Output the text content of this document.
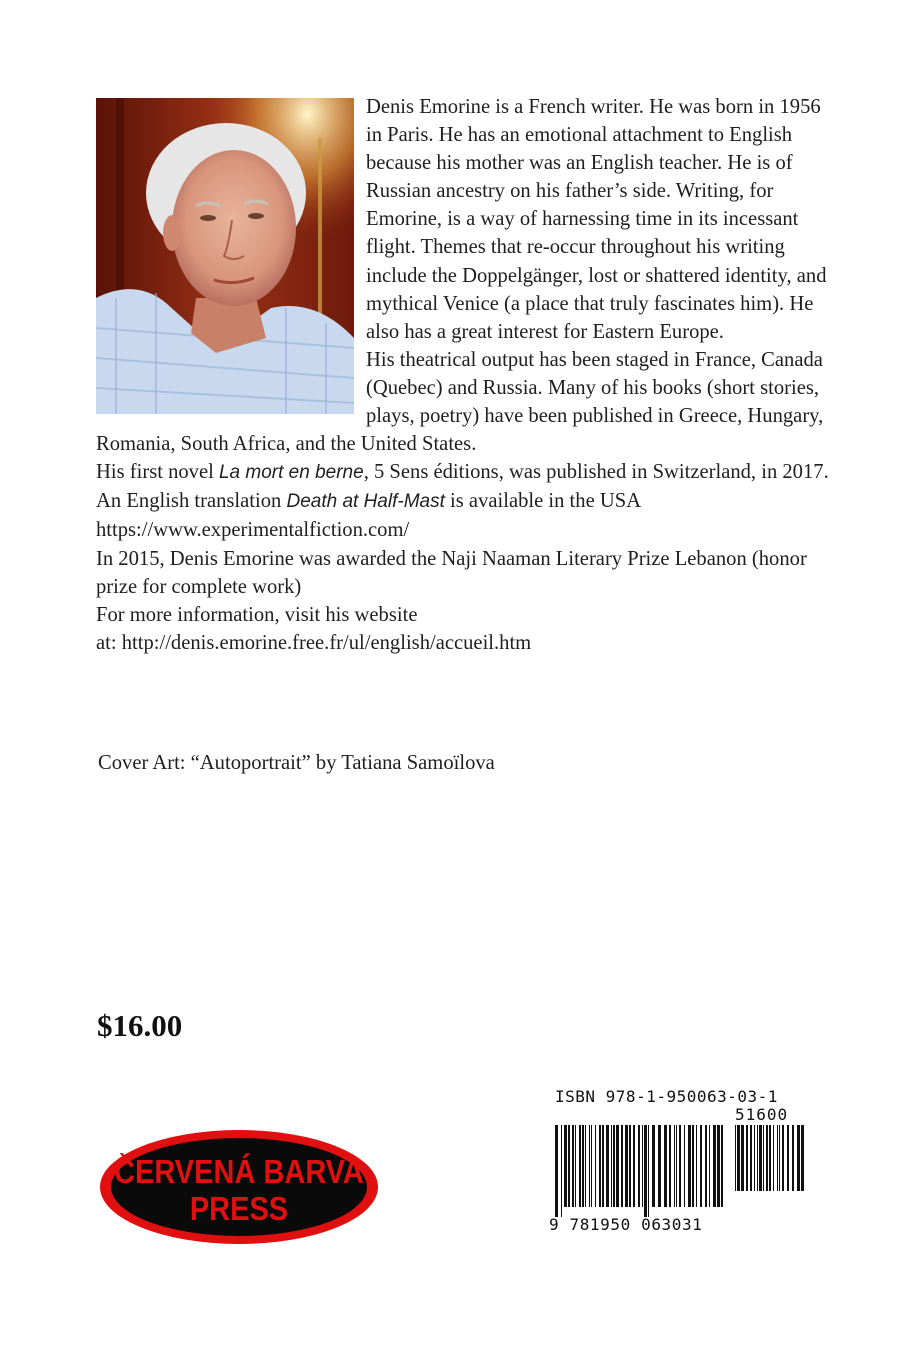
Denis Emorine is a French writer. He was born in 1956 in Paris. He has an emotional attachment to English because his mother was an English teacher. He is of Russian ancestry on his father’s side. Writing, for Emorine, is a way of harnessing time in its incessant flight. Themes that re-occur throughout his writing include the Doppelgänger, lost or shattered identity, and mythical Venice (a place that truly fascinates him). He also has a great interest for Eastern Europe.

His theatrical output has been staged in France, Canada (Quebec) and Russia. Many of his books (short stories, plays, poetry) have been published in Greece, Hungary, Romania, South Africa, and the United States.

His first novel La mort en berne, 5 Sens éditions, was published in Switzerland, in 2017.

An English translation Death at Half-Mast is available in the USA

https://www.experimentalfiction.com/

In 2015, Denis Emorine was awarded the Naji Naaman Literary Prize Lebanon (honor prize for complete work)

For more information, visit his website

at: http://denis.emorine.free.fr/ul/english/accueil.htm

Cover Art: “Autoportrait” by Tatiana Samoïlova
$16.00
ČERVENÁ BARVA
PRESS
ISBN 978-1-950063-03-1
51600
9 781950 063031
